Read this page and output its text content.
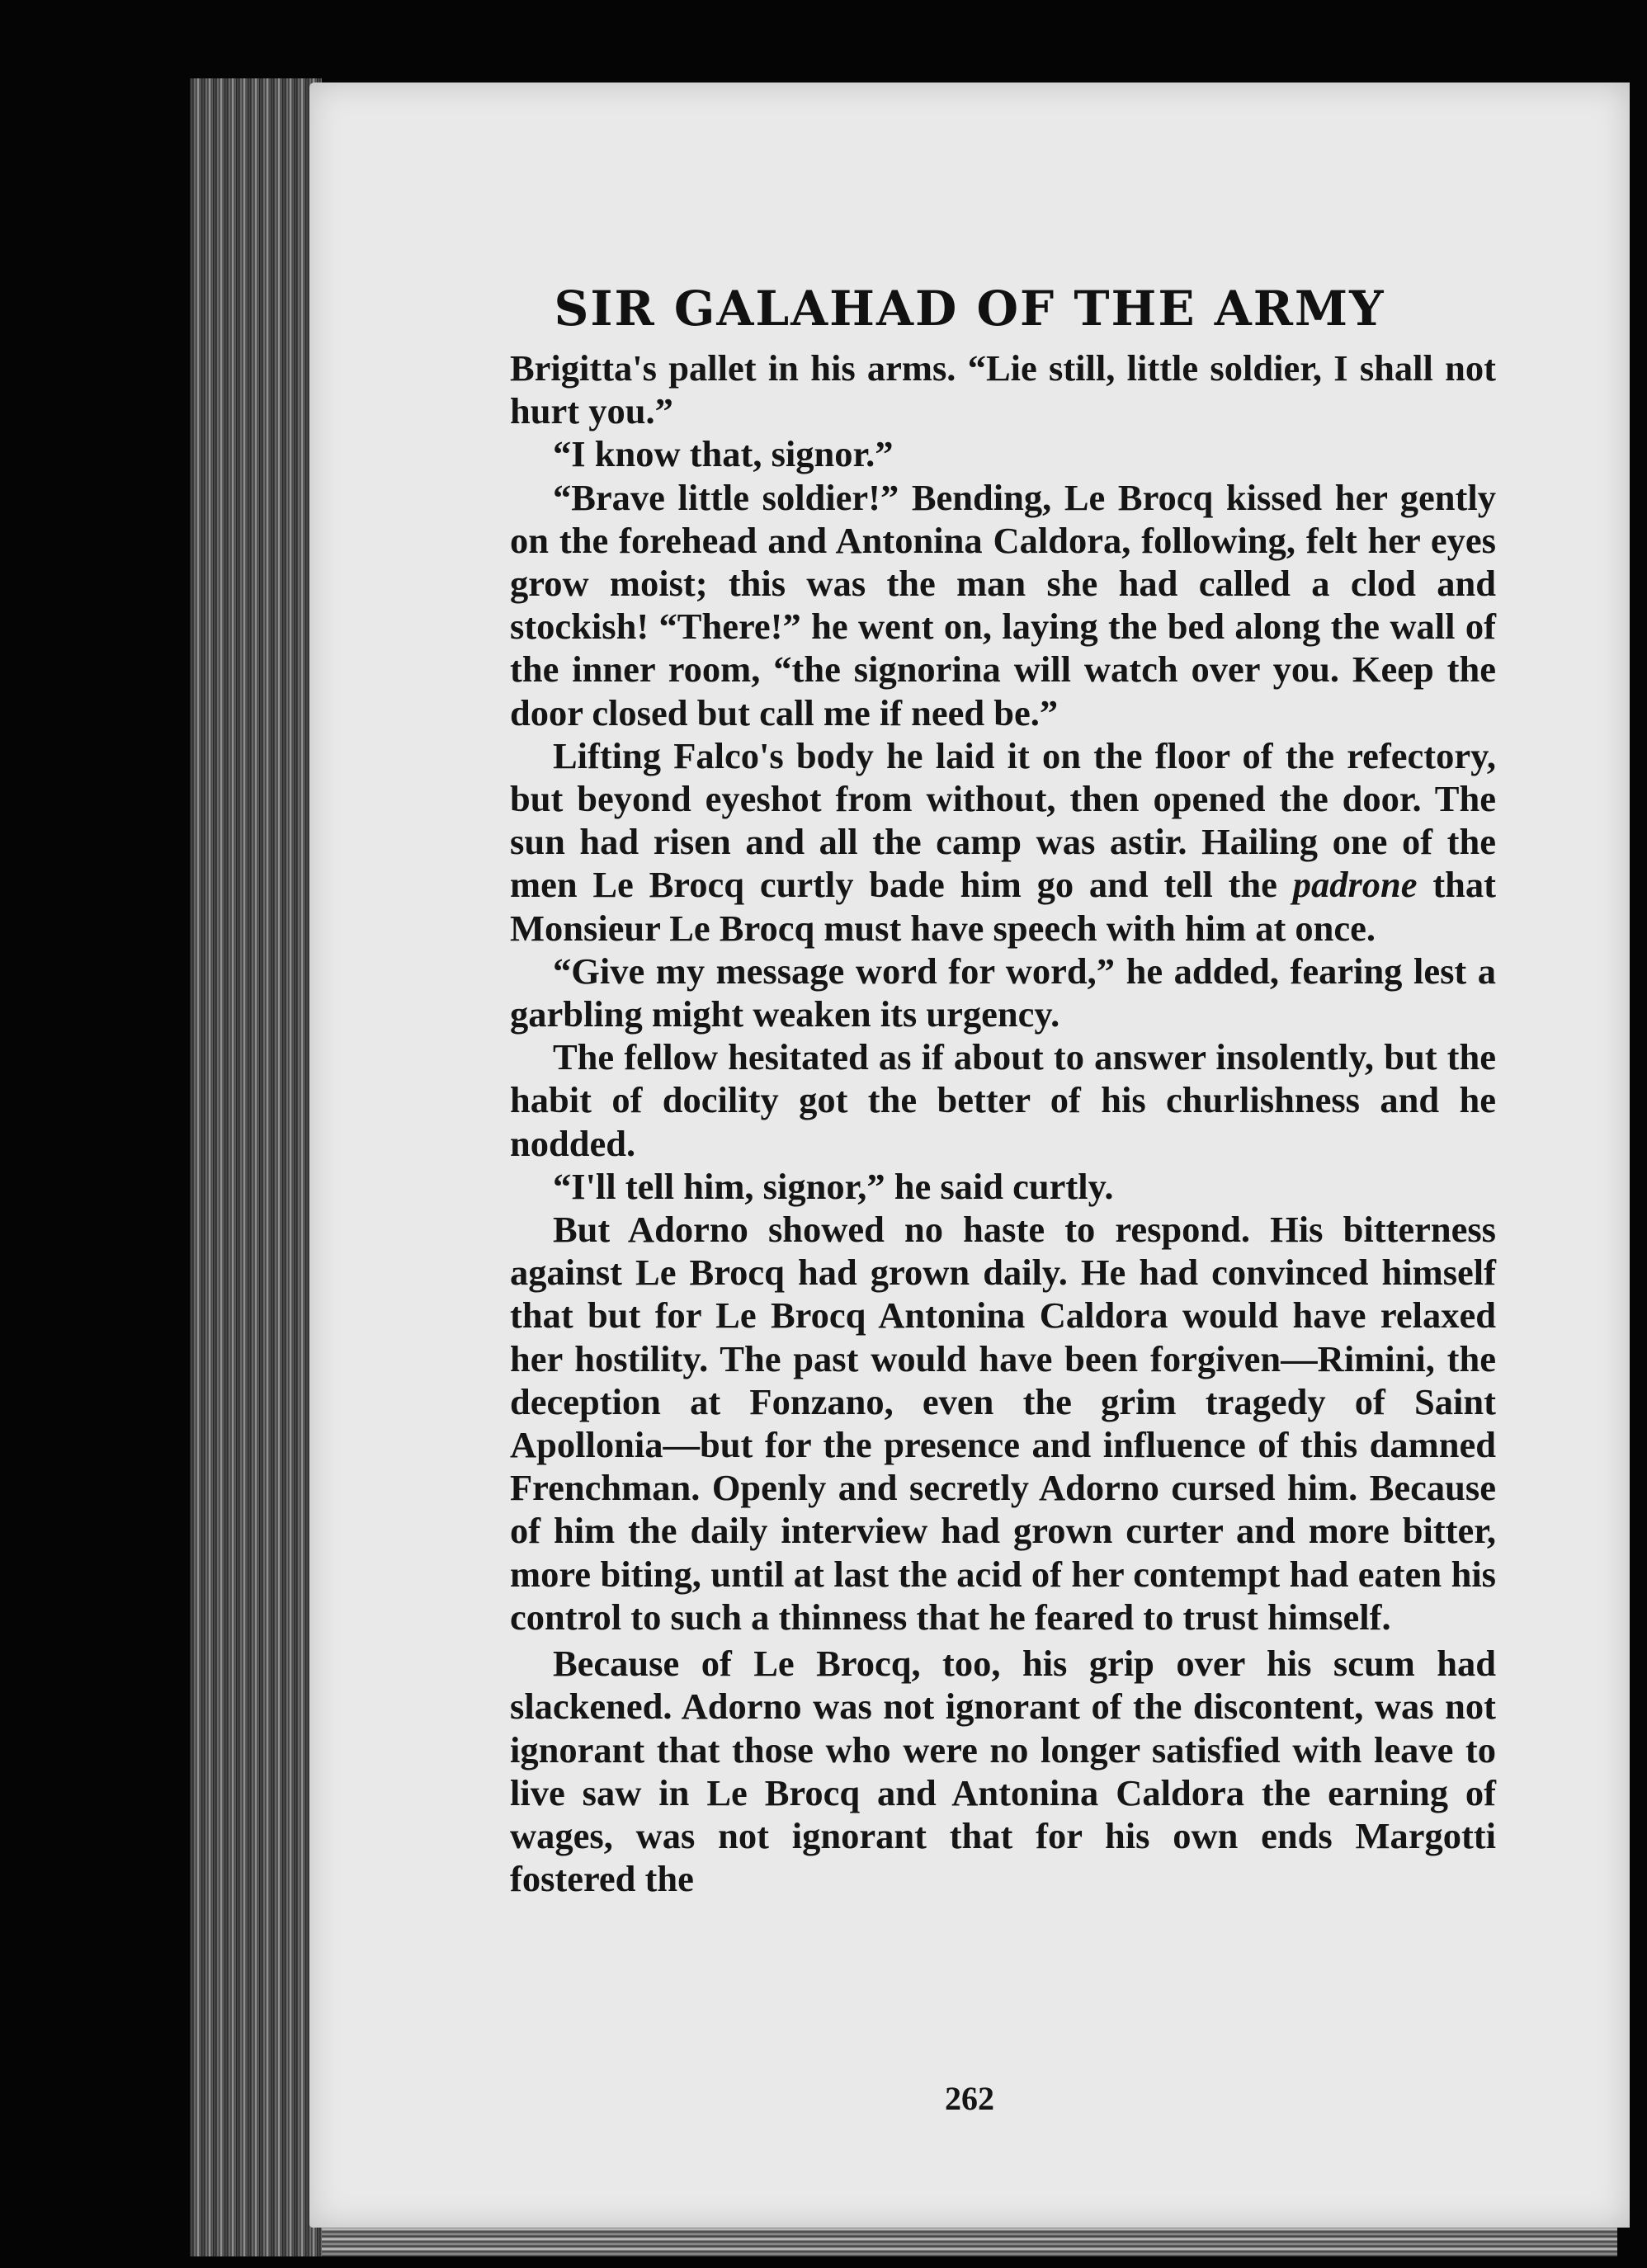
SIR GALAHAD OF THE ARMY

Brigitta's pallet in his arms. “Lie still, little soldier, I shall not hurt you.”

“I know that, signor.”

“Brave little soldier!” Bending, Le Brocq kissed her gently on the forehead and Antonina Caldora, following, felt her eyes grow moist; this was the man she had called a clod and stockish! “There!” he went on, laying the bed along the wall of the inner room, “the signorina will watch over you. Keep the door closed but call me if need be.”

Lifting Falco's body he laid it on the floor of the refectory, but beyond eyeshot from without, then opened the door. The sun had risen and all the camp was astir. Hailing one of the men Le Brocq curtly bade him go and tell the padrone that Monsieur Le Brocq must have speech with him at once.

“Give my message word for word,” he added, fearing lest a garbling might weaken its urgency.

The fellow hesitated as if about to answer insolently, but the habit of docility got the better of his churlishness and he nodded.

“I'll tell him, signor,” he said curtly.

But Adorno showed no haste to respond. His bitterness against Le Brocq had grown daily. He had convinced himself that but for Le Brocq Antonina Caldora would have relaxed her hostility. The past would have been forgiven—Rimini, the deception at Fonzano, even the grim tragedy of Saint Apollonia—but for the presence and influence of this damned Frenchman. Openly and secretly Adorno cursed him. Because of him the daily interview had grown curter and more bitter, more biting, until at last the acid of her contempt had eaten his control to such a thinness that he feared to trust himself.

Because of Le Brocq, too, his grip over his scum had slackened. Adorno was not ignorant of the discontent, was not ignorant that those who were no longer satisfied with leave to live saw in Le Brocq and Antonina Caldora the earning of wages, was not ignorant that for his own ends Margotti fostered the

262
